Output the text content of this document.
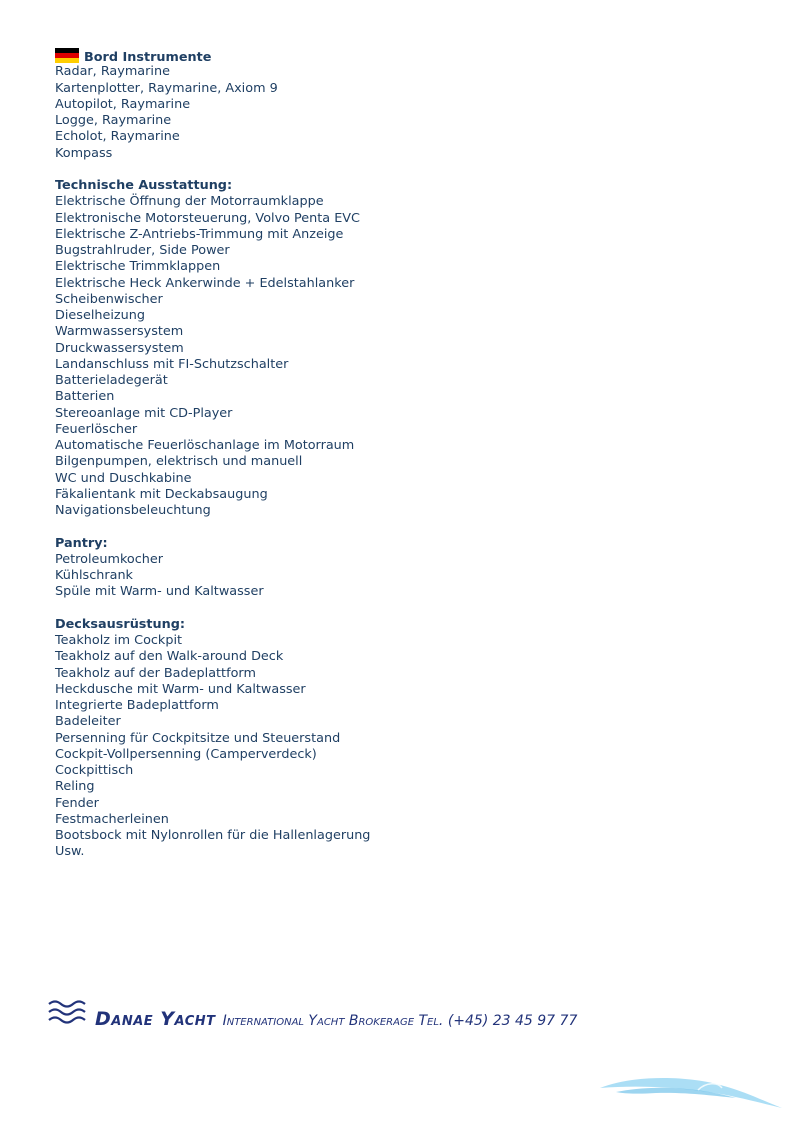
Bord Instrumente
Radar, Raymarine
Kartenplotter, Raymarine, Axiom 9
Autopilot, Raymarine
Logge, Raymarine
Echolot, Raymarine
Kompass
Technische Ausstattung:
Elektrische Öffnung der Motorraumklappe
Elektronische Motorsteuerung, Volvo Penta EVC
Elektrische Z-Antriebs-Trimmung mit Anzeige
Bugstrahlruder, Side Power
Elektrische Trimmklappen
Elektrische Heck Ankerwinde + Edelstahlanker
Scheibenwischer
Dieselheizung
Warmwassersystem
Druckwassersystem
Landanschluss mit FI-Schutzschalter
Batterieladegerät
Batterien
Stereoanlage mit CD-Player
Feuerlöscher
Automatische Feuerlöschanlage im Motorraum
Bilgenpumpen, elektrisch und manuell
WC und Duschkabine
Fäkalientank mit Deckabsaugung
Navigationsbeleuchtung
Pantry:
Petroleumkocher
Kühlschrank
Spüle mit Warm- und Kaltwasser
Decksausrüstung:
Teakholz im Cockpit
Teakholz auf den Walk-around Deck
Teakholz auf der Badeplattform
Heckdusche mit Warm- und Kaltwasser
Integrierte Badeplattform
Badeleiter
Persenning für Cockpitsitze und Steuerstand
Cockpit-Vollpersenning (Camperverdeck)
Cockpittisch
Reling
Fender
Festmacherleinen
Bootsbock mit Nylonrollen für die Hallenlagerung
Usw.
Danae Yacht International Yacht Brokerage Tel. (+45) 23 45 97 77
